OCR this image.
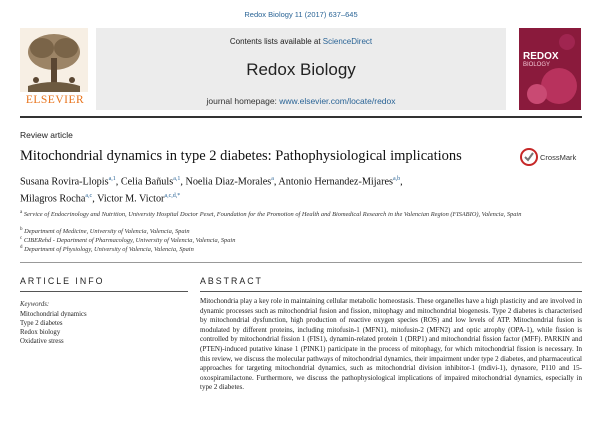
Redox Biology 11 (2017) 637–645
Contents lists available at ScienceDirect
Redox Biology
journal homepage: www.elsevier.com/locate/redox
ELSEVIER
REDOX
BIOLOGY
Review article
Mitochondrial dynamics in type 2 diabetes: Pathophysiological implications	CrossMark
Susana Rovira-Llopis$^{a,1}$, Celia Bañuls$^{a,1}$, Noelia Diaz-Morales$^a$, Antonio Hernandez-Mijares$^{a,b}$,
Milagros Rocha$^{a,c}$, Victor M. Victor$^{a,c,d,*}$
$^a$ Service of Endocrinology and Nutrition, University Hospital Doctor Peset, Foundation for the Promotion of Health and Biomedical Research in the Valencian Region (FISABIO), Valencia, Spain
$^b$ Department of Medicine, University of Valencia, Valencia, Spain
$^c$ CIBERehd - Department of Pharmacology, University of Valencia, Valencia, Spain
$^d$ Department of Physiology, University of Valencia, Valencia, Spain
ARTICLE INFO
Keywords:
Mitochondrial dynamics
Type 2 diabetes
Redox biology
Oxidative stress
ABSTRACT
Mitochondria play a key role in maintaining cellular metabolic homeostasis. These organelles have a high plasticity and are involved in dynamic processes such as mitochondrial fusion and fission, mitophagy and mitochondrial biogenesis. Type 2 diabetes is characterised by mitochondrial dysfunction, high production of reactive oxygen species (ROS) and low levels of ATP. Mitochondrial fusion is modulated by different proteins, including mitofusin-1 (MFN1), mitofusin-2 (MFN2) and optic atrophy (OPA-1), while fission is controlled by mitochondrial fission 1 (FIS1), dynamin-related protein 1 (DRP1) and mitochondrial fission factor (MFF). PARKIN and (PTEN)-induced putative kinase 1 (PINK1) participate in the process of mitophagy, for which mitochondrial fission is necessary. In this review, we discuss the molecular pathways of mitochondrial dynamics, their impairment under type 2 diabetes, and pharmaceutical approaches for targeting mitochondrial dynamics, such as mitochondrial division inhibitor-1 (mdivi-1), dynasore, P110 and 15-oxospiramilactone. Furthermore, we discuss the pathophysiological implications of impaired mitochondrial dynamics, especially in type 2 diabetes.
